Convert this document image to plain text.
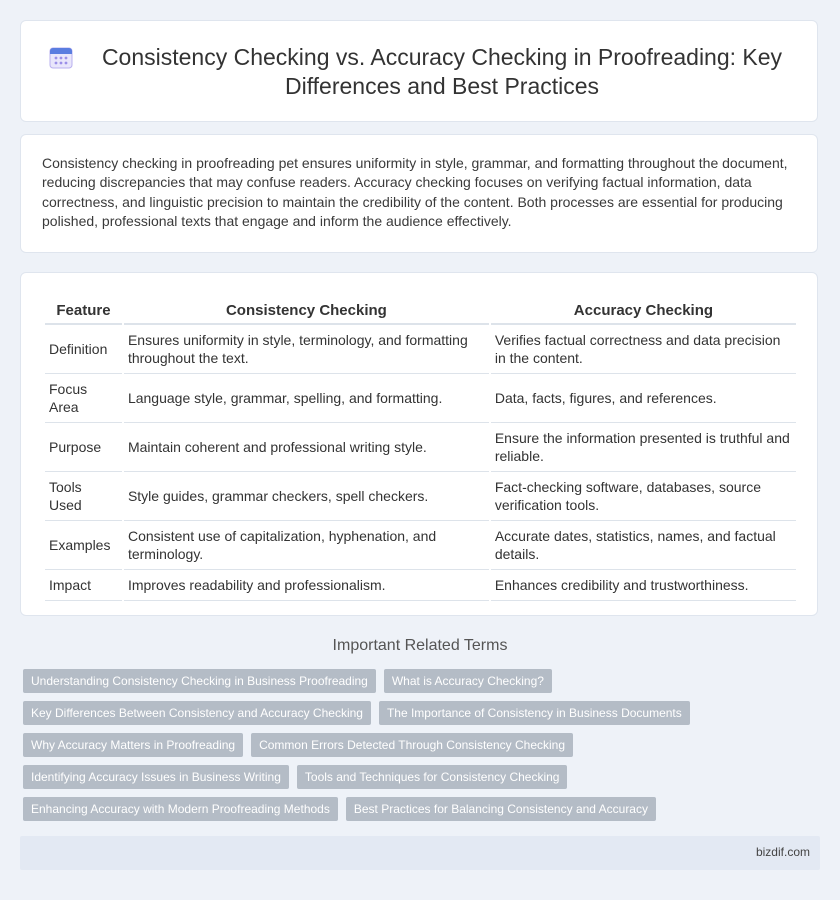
Consistency Checking vs. Accuracy Checking in Proofreading: Key Differences and Best Practices

Consistency checking in proofreading pet ensures uniformity in style, grammar, and formatting throughout the document, reducing discrepancies that may confuse readers. Accuracy checking focuses on verifying factual information, data correctness, and linguistic precision to maintain the credibility of the content. Both processes are essential for producing polished, professional texts that engage and inform the audience effectively.

Feature	Consistency Checking	Accuracy Checking
Definition	Ensures uniformity in style, terminology, and formatting throughout the text.	Verifies factual correctness and data precision in the content.
Focus Area	Language style, grammar, spelling, and formatting.	Data, facts, figures, and references.
Purpose	Maintain coherent and professional writing style.	Ensure the information presented is truthful and reliable.
Tools Used	Style guides, grammar checkers, spell checkers.	Fact-checking software, databases, source verification tools.
Examples	Consistent use of capitalization, hyphenation, and terminology.	Accurate dates, statistics, names, and factual details.
Impact	Improves readability and professionalism.	Enhances credibility and trustworthiness.
Important Related Terms
Understanding Consistency Checking in Business Proofreading	What is Accuracy Checking?
Key Differences Between Consistency and Accuracy Checking	The Importance of Consistency in Business Documents
Why Accuracy Matters in Proofreading	Common Errors Detected Through Consistency Checking
Identifying Accuracy Issues in Business Writing	Tools and Techniques for Consistency Checking
Enhancing Accuracy with Modern Proofreading Methods	Best Practices for Balancing Consistency and Accuracy
bizdif.com
